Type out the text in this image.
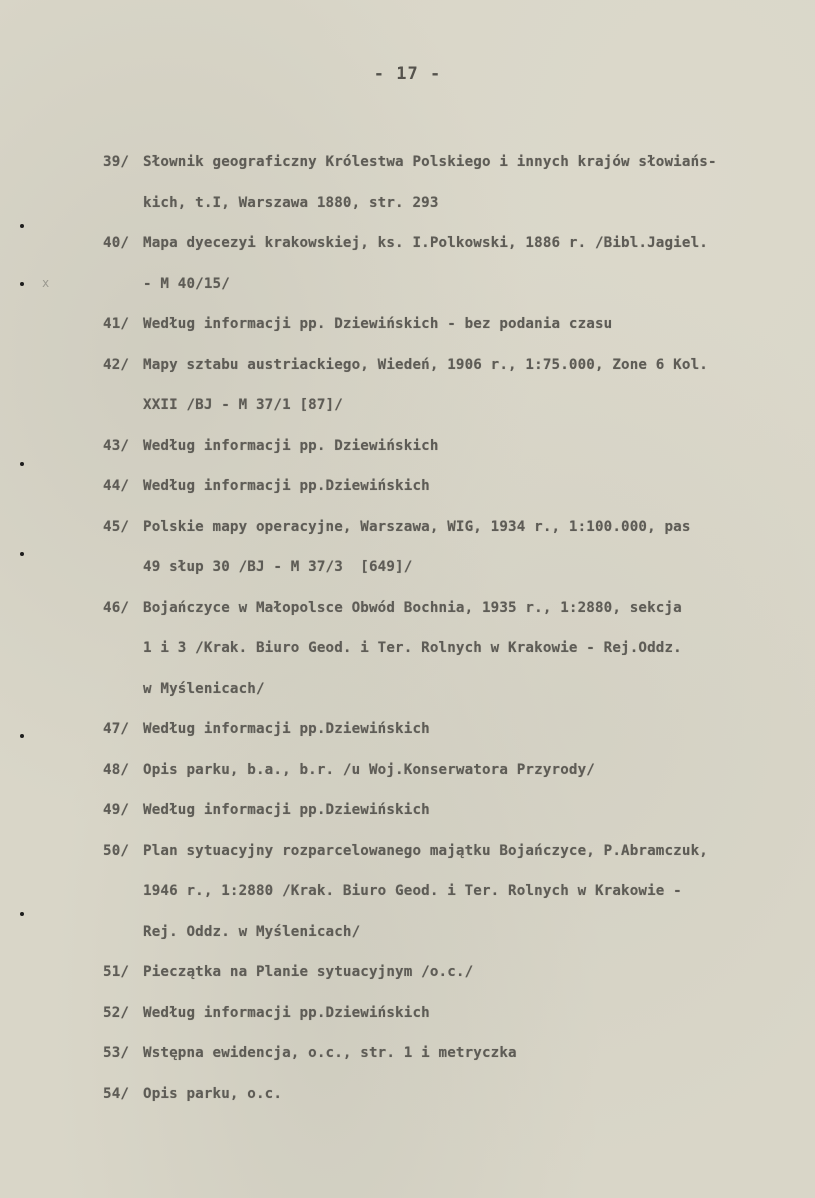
- 17 -
x
39/ Słownik geograficzny Królestwa Polskiego i innych krajów słowiańs-
kich, t.I, Warszawa 1880, str. 293
40/ Mapa dyecezyi krakowskiej, ks. I.Polkowski, 1886 r. /Bibl.Jagiel.
- M 40/15/
41/ Według informacji pp. Dziewińskich - bez podania czasu
42/ Mapy sztabu austriackiego, Wiedeń, 1906 r., 1:75.000, Zone 6 Kol.
XXII /BJ - M 37/1 [87]/
43/ Według informacji pp. Dziewińskich
44/ Według informacji pp.Dziewińskich
45/ Polskie mapy operacyjne, Warszawa, WIG, 1934 r., 1:100.000, pas
49 słup 30 /BJ - M 37/3  [649]/
46/ Bojańczyce w Małopolsce Obwód Bochnia, 1935 r., 1:2880, sekcja
1 i 3 /Krak. Biuro Geod. i Ter. Rolnych w Krakowie - Rej.Oddz.
w Myślenicach/
47/ Według informacji pp.Dziewińskich
48/ Opis parku, b.a., b.r. /u Woj.Konserwatora Przyrody/
49/ Według informacji pp.Dziewińskich
50/ Plan sytuacyjny rozparcelowanego majątku Bojańczyce, P.Abramczuk,
1946 r., 1:2880 /Krak. Biuro Geod. i Ter. Rolnych w Krakowie -
Rej. Oddz. w Myślenicach/
51/ Pieczątka na Planie sytuacyjnym /o.c./
52/ Według informacji pp.Dziewińskich
53/ Wstępna ewidencja, o.c., str. 1 i metryczka
54/ Opis parku, o.c.
